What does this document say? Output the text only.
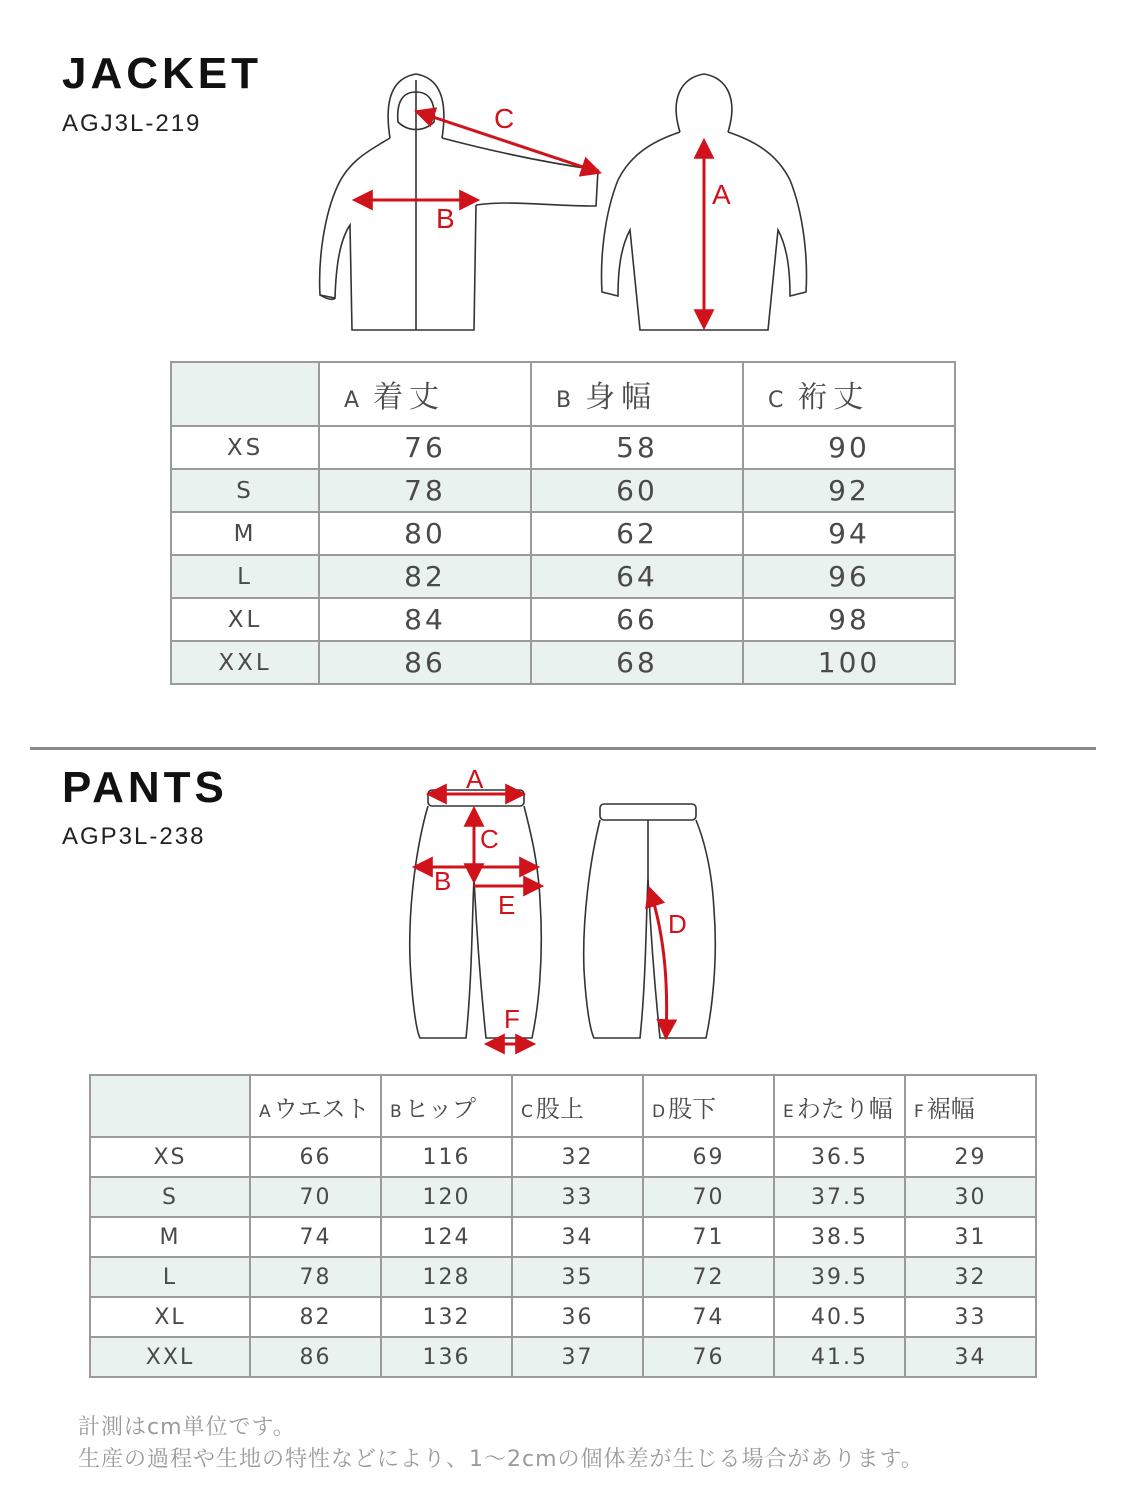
JACKET
AGJ3L-219
A
B
C
	A 着丈	B 身幅	C 裄丈
XS	76	58	90
S	78	60	92
M	80	62	94
L	82	64	96
XL	84	66	98
XXL	86	68	100
PANTS
AGP3L-238
A
C
B
E
D
F
	A ウエスト	B ヒップ	C 股上	D 股下	E わたり幅	F 裾幅
XS	66	116	32	69	36.5	29
S	70	120	33	70	37.5	30
M	74	124	34	71	38.5	31
L	78	128	35	72	39.5	32
XL	82	132	36	74	40.5	33
XXL	86	136	37	76	41.5	34
計測はcm単位です。
生産の過程や生地の特性などにより、1～2cmの個体差が生じる場合があります。
